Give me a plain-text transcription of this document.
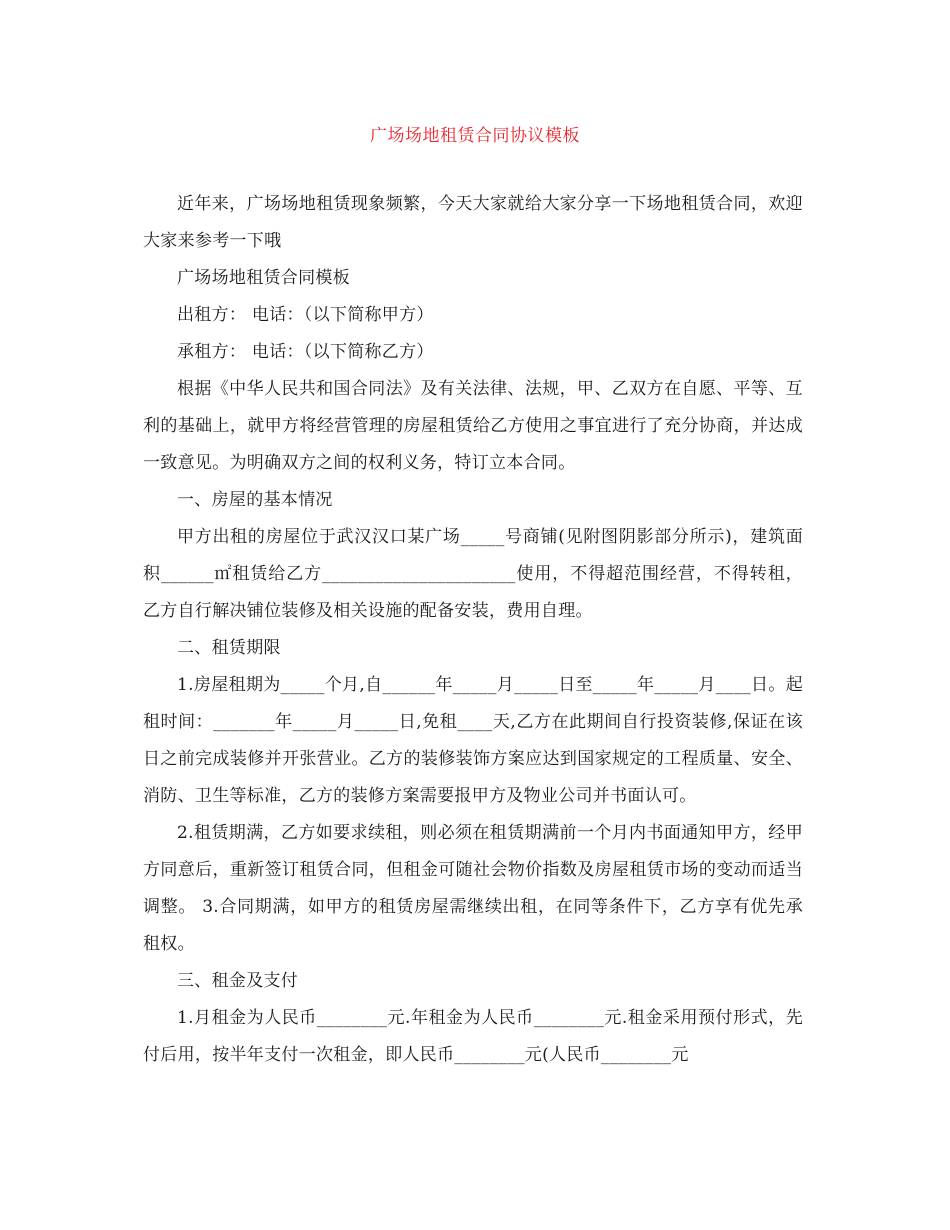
广场场地租赁合同协议模板

近年来，广场场地租赁现象频繁，今天大家就给大家分享一下场地租赁合同，欢迎大家来参考一下哦

广场场地租赁合同模板

出租方： 电话：（以下简称甲方）

承租方： 电话：（以下简称乙方）

根据《中华人民共和国合同法》及有关法律、法规，甲、乙双方在自愿、平等、互利的基础上，就甲方将经营管理的房屋租赁给乙方使用之事宜进行了充分协商，并达成一致意见。为明确双方之间的权利义务，特订立本合同。

一、房屋的基本情况

甲方出租的房屋位于武汉汉口某广场_____号商铺(见附图阴影部分所示)，建筑面积______㎡租赁给乙方______________________使用，不得超范围经营，不得转租，乙方自行解决铺位装修及相关设施的配备安装，费用自理。

二、租赁期限

1.房屋租期为_____个月,自______年_____月_____日至_____年_____月____日。起租时间：_______年_____月_____日,免租____天,乙方在此期间自行投资装修,保证在该日之前完成装修并开张营业。乙方的装修装饰方案应达到国家规定的工程质量、安全、消防、卫生等标准，乙方的装修方案需要报甲方及物业公司并书面认可。

2.租赁期满，乙方如要求续租，则必须在租赁期满前一个月内书面通知甲方，经甲方同意后，重新签订租赁合同，但租金可随社会物价指数及房屋租赁市场的变动而适当调整。 3.合同期满，如甲方的租赁房屋需继续出租，在同等条件下，乙方享有优先承租权。

三、租金及支付

1.月租金为人民币________元.年租金为人民币________元.租金采用预付形式，先付后用，按半年支付一次租金，即人民币________元(人民币________元
